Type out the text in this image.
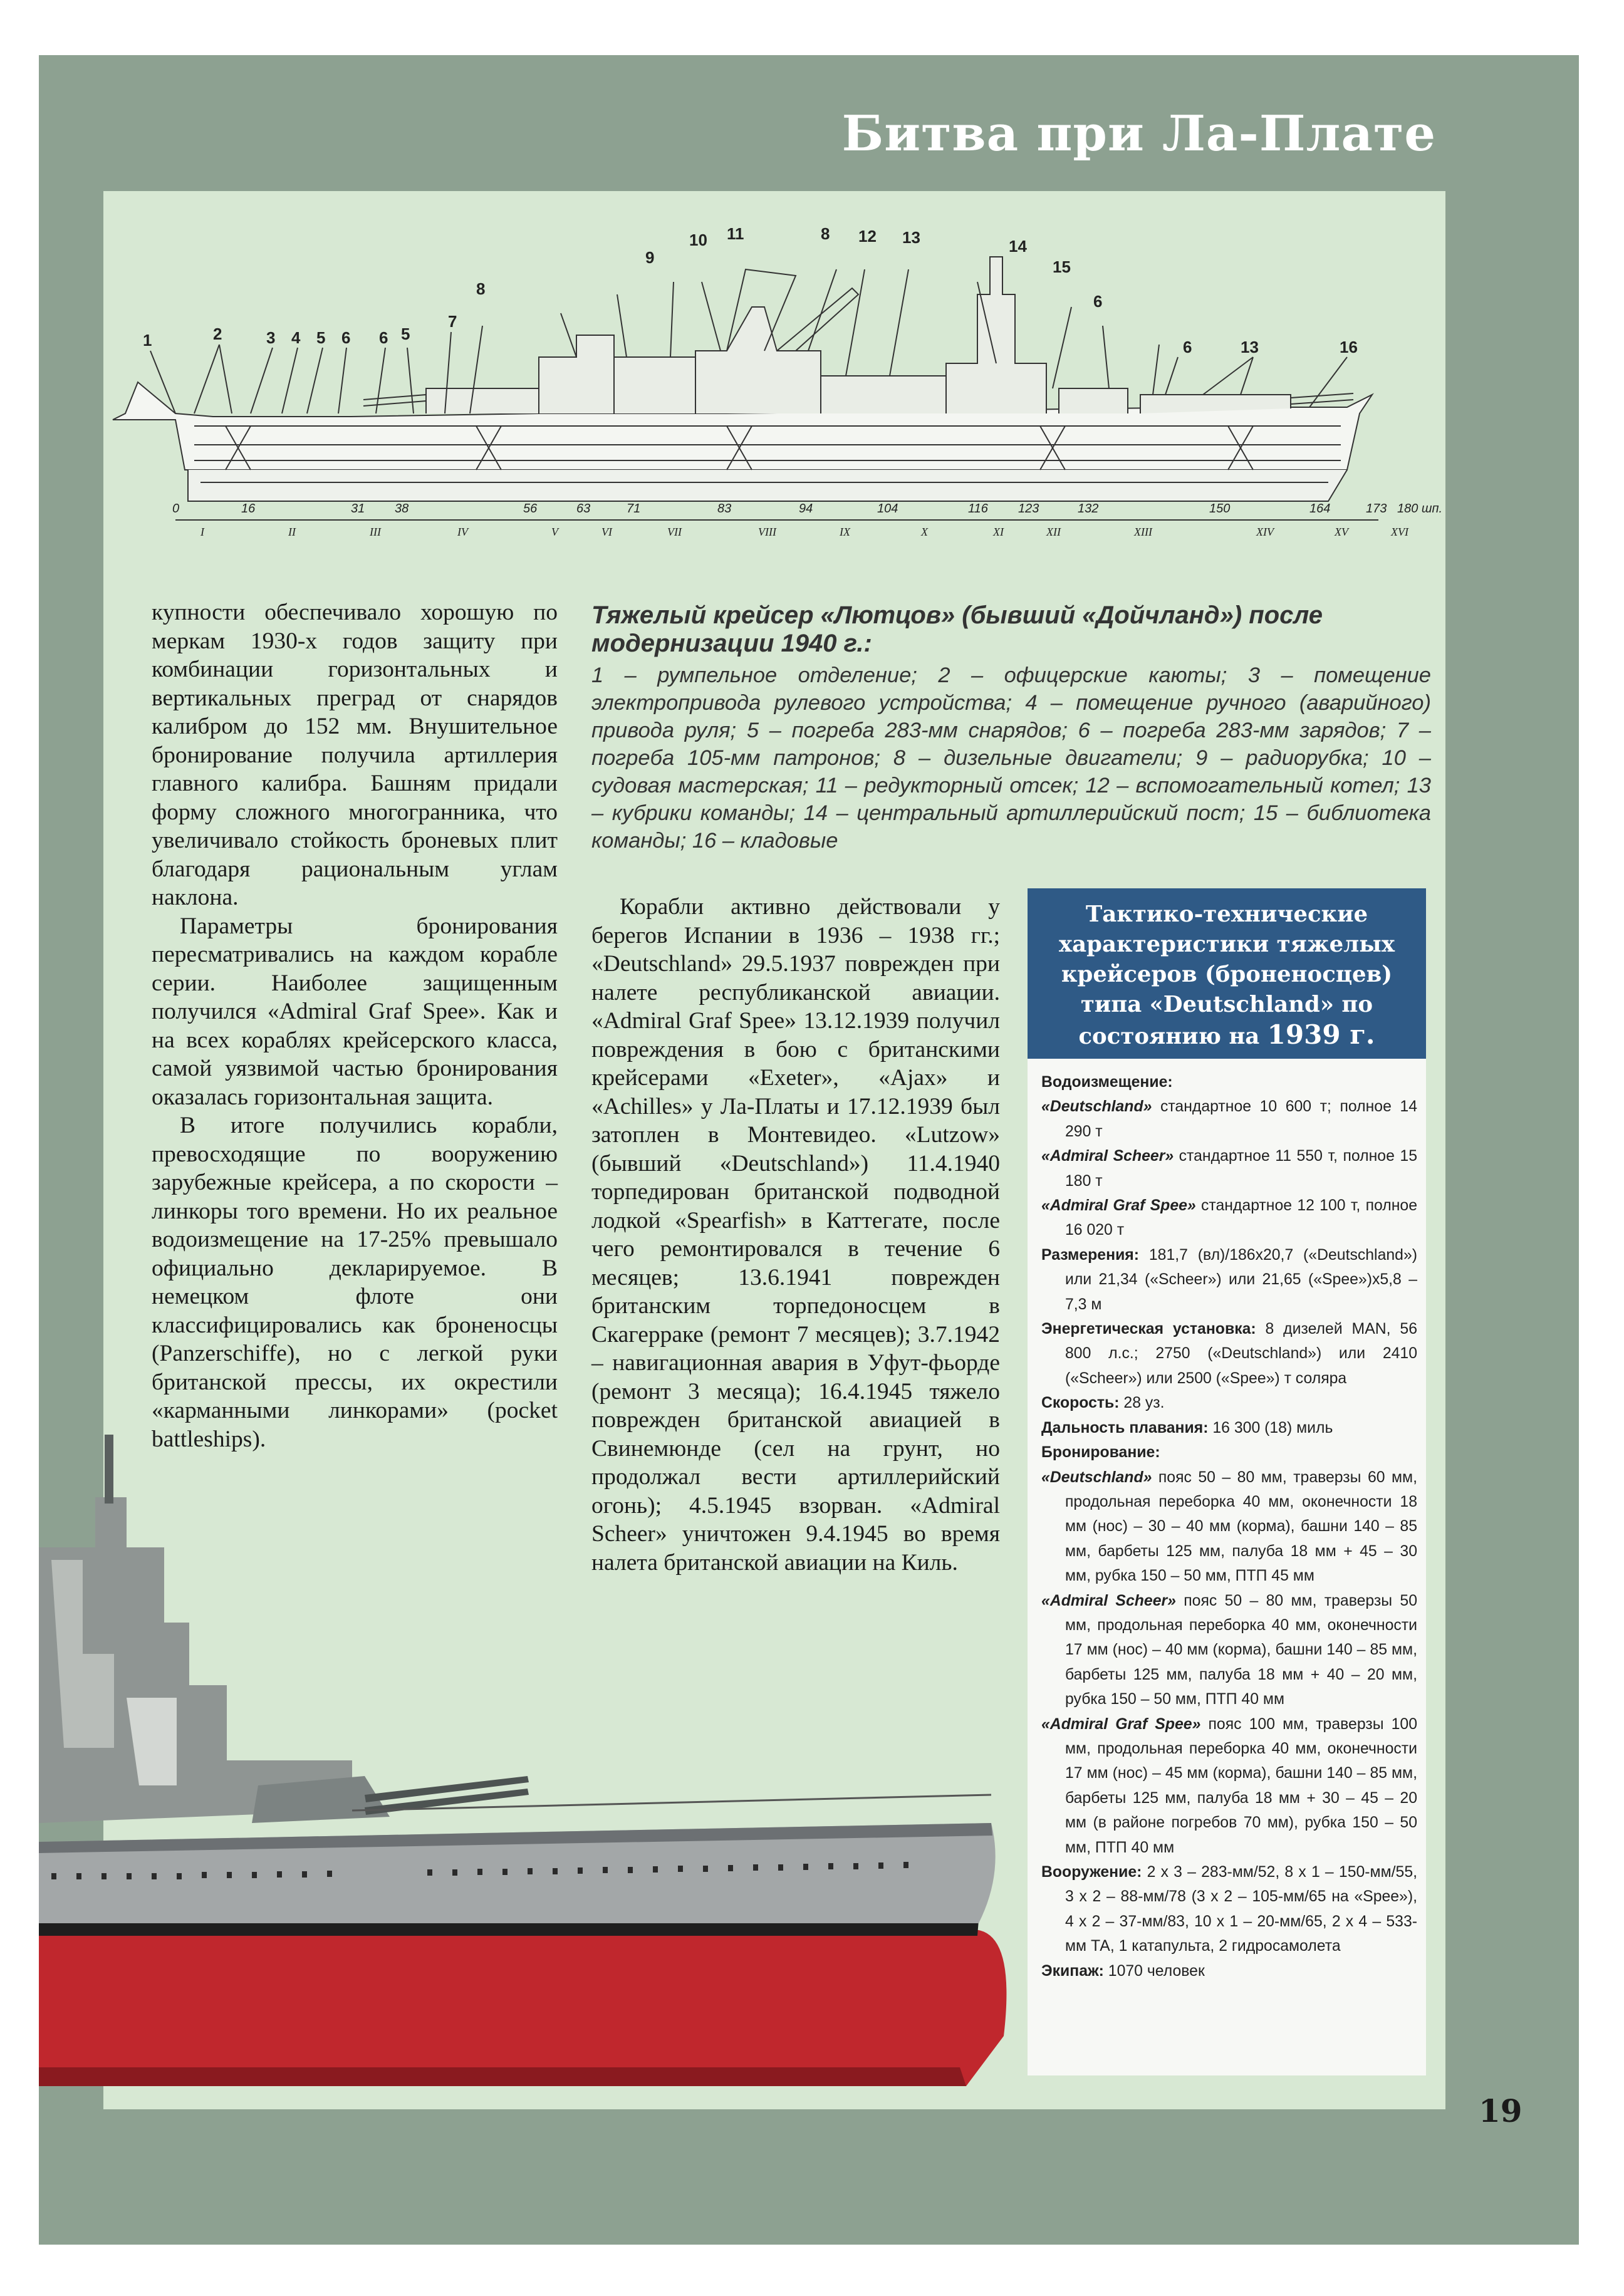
Битва при Ла-Плате
1	2	3 4 5 6 6 5
7
8
9
10 11	8 12 13	14
15
6
6	13	16
0	16	31 38	56	63	71	83	94	104	116 123	132	150	164	173 180 шп.
I	II	III	IV	V	VI	VII	VIII	IX	X	XI	XII	XIII	XIV	XV	XVI

купности обеспечивало хорошую по меркам 1930-х годов защиту при комбинации горизонтальных и вертикальных преград от снарядов калибром до 152 мм. Внушительное бронирование получила артиллерия главного калибра. Башням придали форму сложного многогранника, что увеличивало стойкость броневых плит благодаря рациональным углам наклона.

Параметры бронирования пересматривались на каждом корабле серии. Наиболее защищенным получился «Admiral Graf Spee». Как и на всех кораблях крейсерского класса, самой уязвимой частью бронирования оказалась горизонтальная защита.

В итоге получились корабли, превосходящие по вооружению зарубежные крейсера, а по скорости – линкоры того времени. Но их реальное водоизмещение на 17-25% превышало официально декларируемое. В немецком флоте они классифицировались как броненосцы (Panzerschiffe), но с легкой руки британской прессы, их окрестили «карманными линкорами» (pocket battleships).

Тяжелый крейсер «Лютцов» (бывший «Дойчланд») после модернизации 1940 г.:
1 – румпельное отделение; 2 – офицерские каюты; 3 – помещение электропривода рулевого устройства; 4 – помещение ручного (аварийного) привода руля; 5 – погреба 283-мм снарядов; 6 – погреба 283-мм зарядов; 7 – погреба 105-мм патронов; 8 – дизельные двигатели; 9 – радиорубка; 10 – судовая мастерская; 11 – редукторный отсек; 12 – вспомогательный котел; 13 – кубрики команды; 14 – центральный артиллерийский пост; 15 – библиотека команды; 16 – кладовые

Корабли активно действовали у берегов Испании в 1936 – 1938 гг.; «Deutschland» 29.5.1937 поврежден при налете республиканской авиации. «Admiral Graf Spee» 13.12.1939 получил повреждения в бою с британскими крейсерами «Exeter», «Ajax» и «Achilles» у Ла-Платы и 17.12.1939 был затоплен в Монтевидео. «Lutzow» (бывший «Deutschland») 11.4.1940 торпедирован британской подводной лодкой «Spearfish» в Каттегате, после чего ремонтировался в течение 6 месяцев; 13.6.1941 поврежден британским торпедоносцем в Скагерраке (ремонт 7 месяцев); 3.7.1942 – навигационная авария в Уфут-фьорде (ремонт 3 месяца); 16.4.1945 тяжело поврежден британской авиацией в Свинемюнде (сел на грунт, но продолжал вести артиллерийский огонь); 4.5.1945 взорван. «Admiral Scheer» уничтожен 9.4.1945 во время налета британской авиации на Киль.

Тактико-технические
характеристики тяжелых
крейсеров (броненосцев)
типа «Deutschland» по
состоянию на 1939 г.
Водоизмещение:
«Deutschland» стандартное 10 600 т; полное 14 290 т
«Admiral Scheer» стандартное 11 550 т, полное 15 180 т
«Admiral Graf Spee» стандартное 12 100 т, полное 16 020 т
Размерения: 181,7 (вл)/186х20,7 («Deutschland») или 21,34 («Scheer») или 21,65 («Spee»)х5,8 – 7,3 м
Энергетическая установка: 8 дизелей MAN, 56 800 л.с.; 2750 («Deutschland») или 2410 («Scheer») или 2500 («Spee») т соляра
Скорость: 28 уз.
Дальность плавания: 16 300 (18) миль
Бронирование:
«Deutschland» пояс 50 – 80 мм, траверзы 60 мм, продольная переборка 40 мм, оконечности 18 мм (нос) – 30 – 40 мм (корма), башни 140 – 85 мм, барбеты 125 мм, палуба 18 мм + 45 – 30 мм, рубка 150 – 50 мм, ПТП 45 мм
«Admiral Scheer» пояс 50 – 80 мм, траверзы 50 мм, продольная переборка 40 мм, оконечности 17 мм (нос) – 40 мм (корма), башни 140 – 85 мм, барбеты 125 мм, палуба 18 мм + 40 – 20 мм, рубка 150 – 50 мм, ПТП 40 мм
«Admiral Graf Spee» пояс 100 мм, траверзы 100 мм, продольная переборка 40 мм, оконечности 17 мм (нос) – 45 мм (корма), башни 140 – 85 мм, барбеты 125 мм, палуба 18 мм + 30 – 45 – 20 мм (в районе погребов 70 мм), рубка 150 – 50 мм, ПТП 40 мм
Вооружение: 2 х 3 – 283-мм/52, 8 х 1 – 150-мм/55, 3 х 2 – 88-мм/78 (3 х 2 – 105-мм/65 на «Spee»), 4 х 2 – 37-мм/83, 10 х 1 – 20-мм/65, 2 х 4 – 533-мм ТА, 1 катапульта, 2 гидросамолета
Экипаж: 1070 человек
19
